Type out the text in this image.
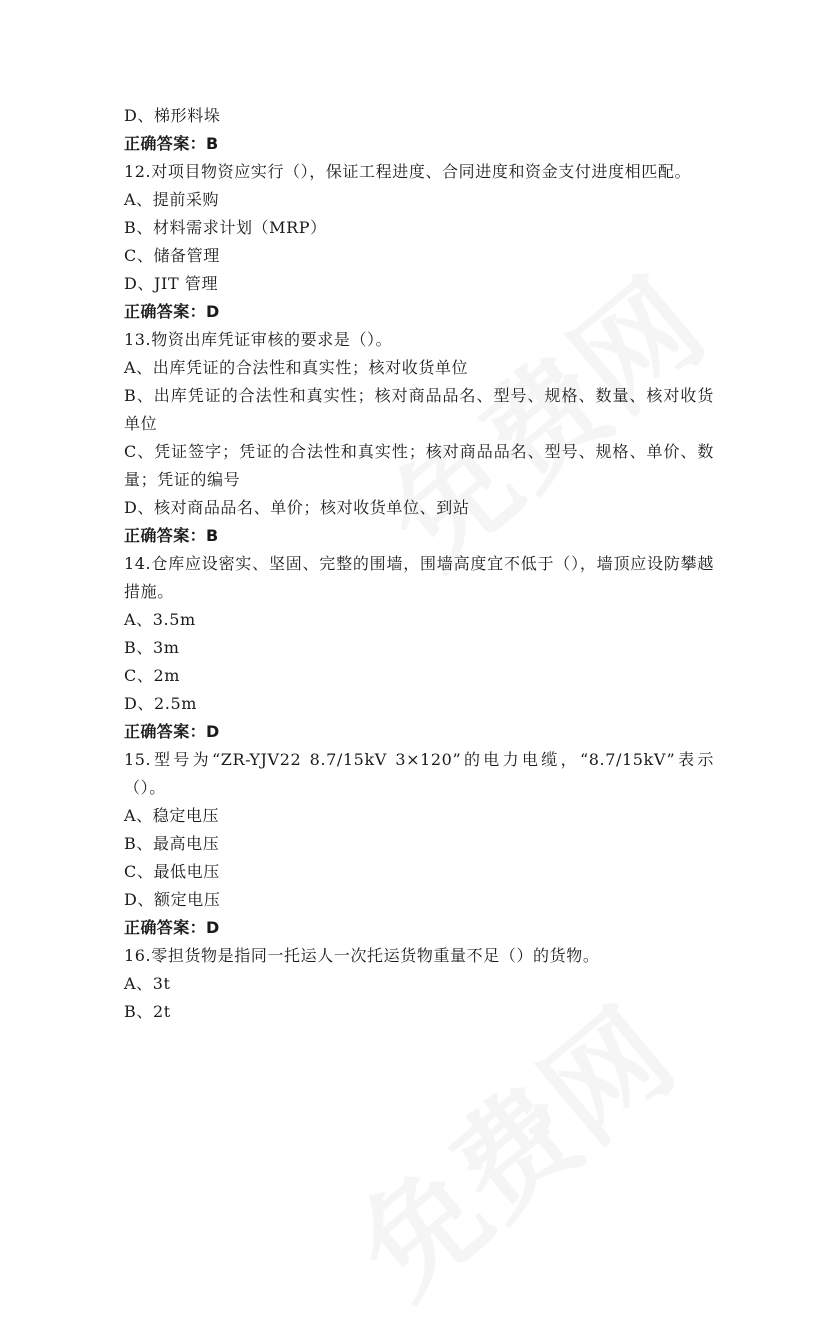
D、梯形料垛
正确答案：B
12.对项目物资应实行（），保证工程进度、合同进度和资金支付进度相匹配。
A、提前采购
B、材料需求计划（MRP）
C、储备管理
D、JIT 管理
正确答案：D
13.物资出库凭证审核的要求是（）。
A、出库凭证的合法性和真实性；核对收货单位
B、出库凭证的合法性和真实性；核对商品品名、型号、规格、数量、核对收货单位
C、凭证签字；凭证的合法性和真实性；核对商品品名、型号、规格、单价、数量；凭证的编号
D、核对商品品名、单价；核对收货单位、到站
正确答案：B
14.仓库应设密实、坚固、完整的围墙，围墙高度宜不低于（），墙顶应设防攀越措施。
A、3.5m
B、3m
C、2m
D、2.5m
正确答案：D
15.型号为“ZR-YJV22 8.7/15kV 3×120”的电力电缆，“8.7/15kV”表示（）。
A、稳定电压
B、最高电压
C、最低电压
D、额定电压
正确答案：D
16.零担货物是指同一托运人一次托运货物重量不足（）的货物。
A、3t
B、2t
